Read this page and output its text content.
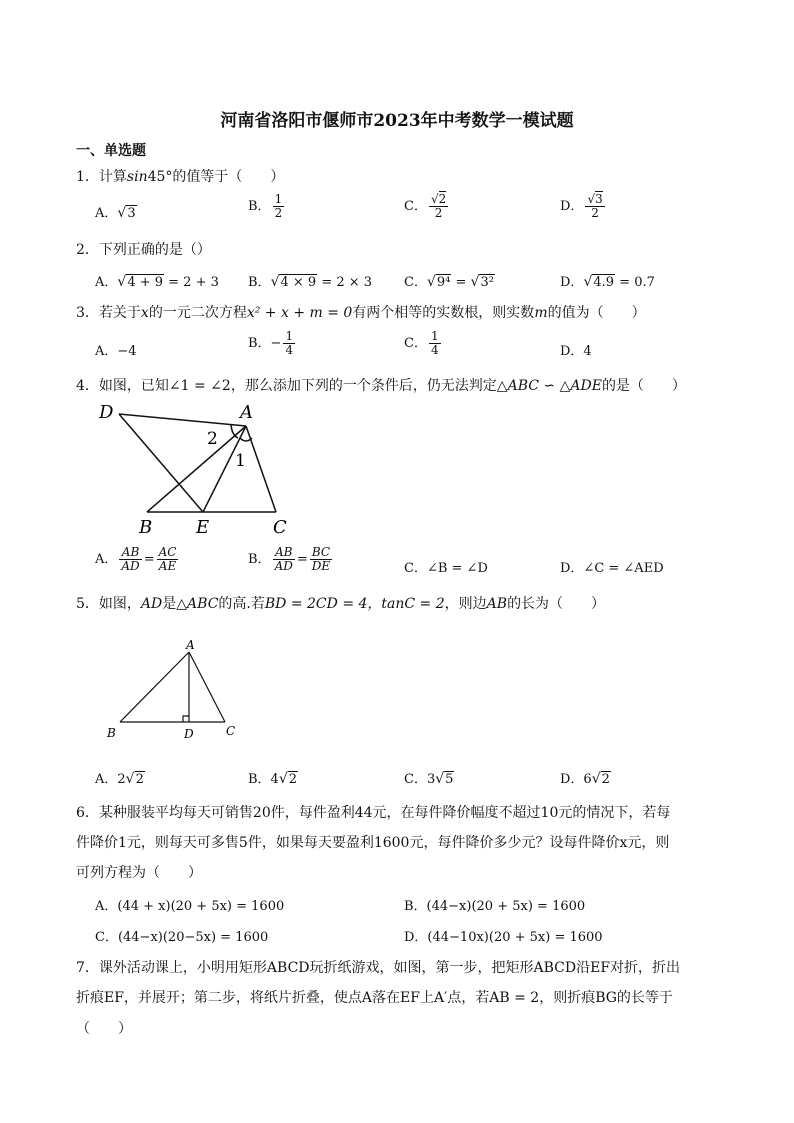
河南省洛阳市偃师市2023年中考数学一模试题
一、单选题
1．计算sin45°的值等于（　　）
A．√3	B． $\frac{1}{2}$	C． $\frac{√2}{2}$	D． $\frac{√3}{2}$
2．下列正确的是（）
A．√4 + 9 = 2 + 3 B．√4 × 9 = 2 × 3 C．√9⁴ = √3²	D．√4.9 = 0.7
3．若关于x的一元二次方程x² + x + m = 0有两个相等的实数根，则实数m的值为（　　）
A．−4
B．− $\frac{1}{4}$	C． $\frac{1}{4}$	D．4
4．如图，已知∠1 = ∠2，那么添加下列的一个条件后，仍无法判定△ABC ∽ △ADE的是（　　）
D	A
2
1
B E	C
A． $\frac{AB}{AD} = \frac{AC}{AE}$	B． $\frac{AB}{AD} = \frac{BC}{DE}$	C．∠B = ∠D	D．∠C = ∠AED
5．如图，AD是△ABC的高.若BD = 2CD = 4，tanC = 2，则边AB的长为（　　）
A
B	D	C
A．2√2	B．4√2	C．3√5	D．6√2
6．某种服装平均每天可销售20件，每件盈利44元，在每件降价幅度不超过10元的情况下，若每
件降价1元，则每天可多售5件，如果每天要盈利1600元，每件降价多少元？设每件降价x元，则
可列方程为（　　）
A．(44 + x)(20 + 5x) = 1600	B．(44−x)(20 + 5x) = 1600
C．(44−x)(20−5x) = 1600	D．(44−10x)(20 + 5x) = 1600
7．课外活动课上，小明用矩形ABCD玩折纸游戏，如图，第一步，把矩形ABCD沿EF对折，折出
折痕EF，并展开；第二步，将纸片折叠，使点A落在EF上A′点，若AB = 2，则折痕BG的长等于
（　　）
